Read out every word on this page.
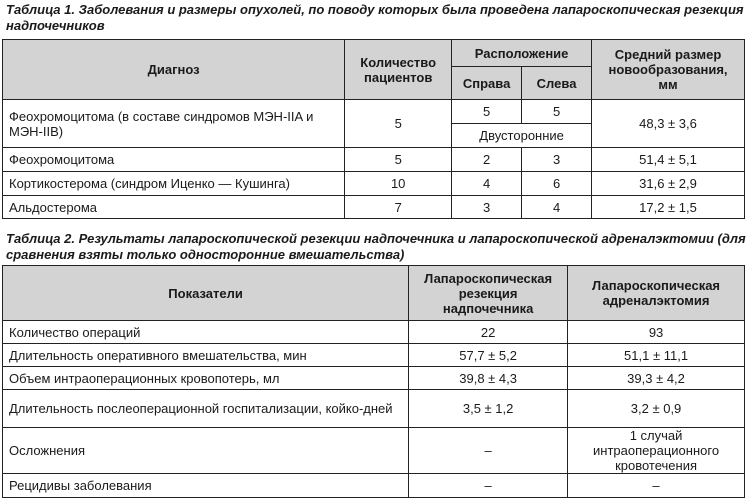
Таблица 1. Заболевания и размеры опухолей, по поводу которых была проведена лапароскопическая резекция надпочечников

Диагноз	Количество пациентов	Расположение		Средний размер новообразования, мм
		Справа	Слева	
Феохромоцитома (в составе синдромов МЭН-IIA и МЭН-IIB)	5	5	5	48,3 ± 3,6
		Двусторонние		
Феохромоцитома	5	2	3	51,4 ± 5,1
Кортикостерома (синдром Иценко — Кушинга)	10	4	6	31,6 ± 2,9
Альдостерома	7	3	4	17,2 ± 1,5

Таблица 2. Результаты лапароскопической резекции надпочечника и лапароскопической адреналэктомии (для сравнения взяты только односторонние вмешательства)

Показатели	Лапароскопическая резекция надпочечника	Лапароскопическая адреналэктомия
Количество операций	22	93
Длительность оперативного вмешательства, мин	57,7 ± 5,2	51,1 ± 11,1
Объем интраоперационных кровопотерь, мл	39,8 ± 4,3	39,3 ± 4,2
Длительность послеоперационной госпитализации, койко-дней	3,5 ± 1,2	3,2 ± 0,9
Осложнения	–	1 случай интраоперационного кровотечения
Рецидивы заболевания	–	–
